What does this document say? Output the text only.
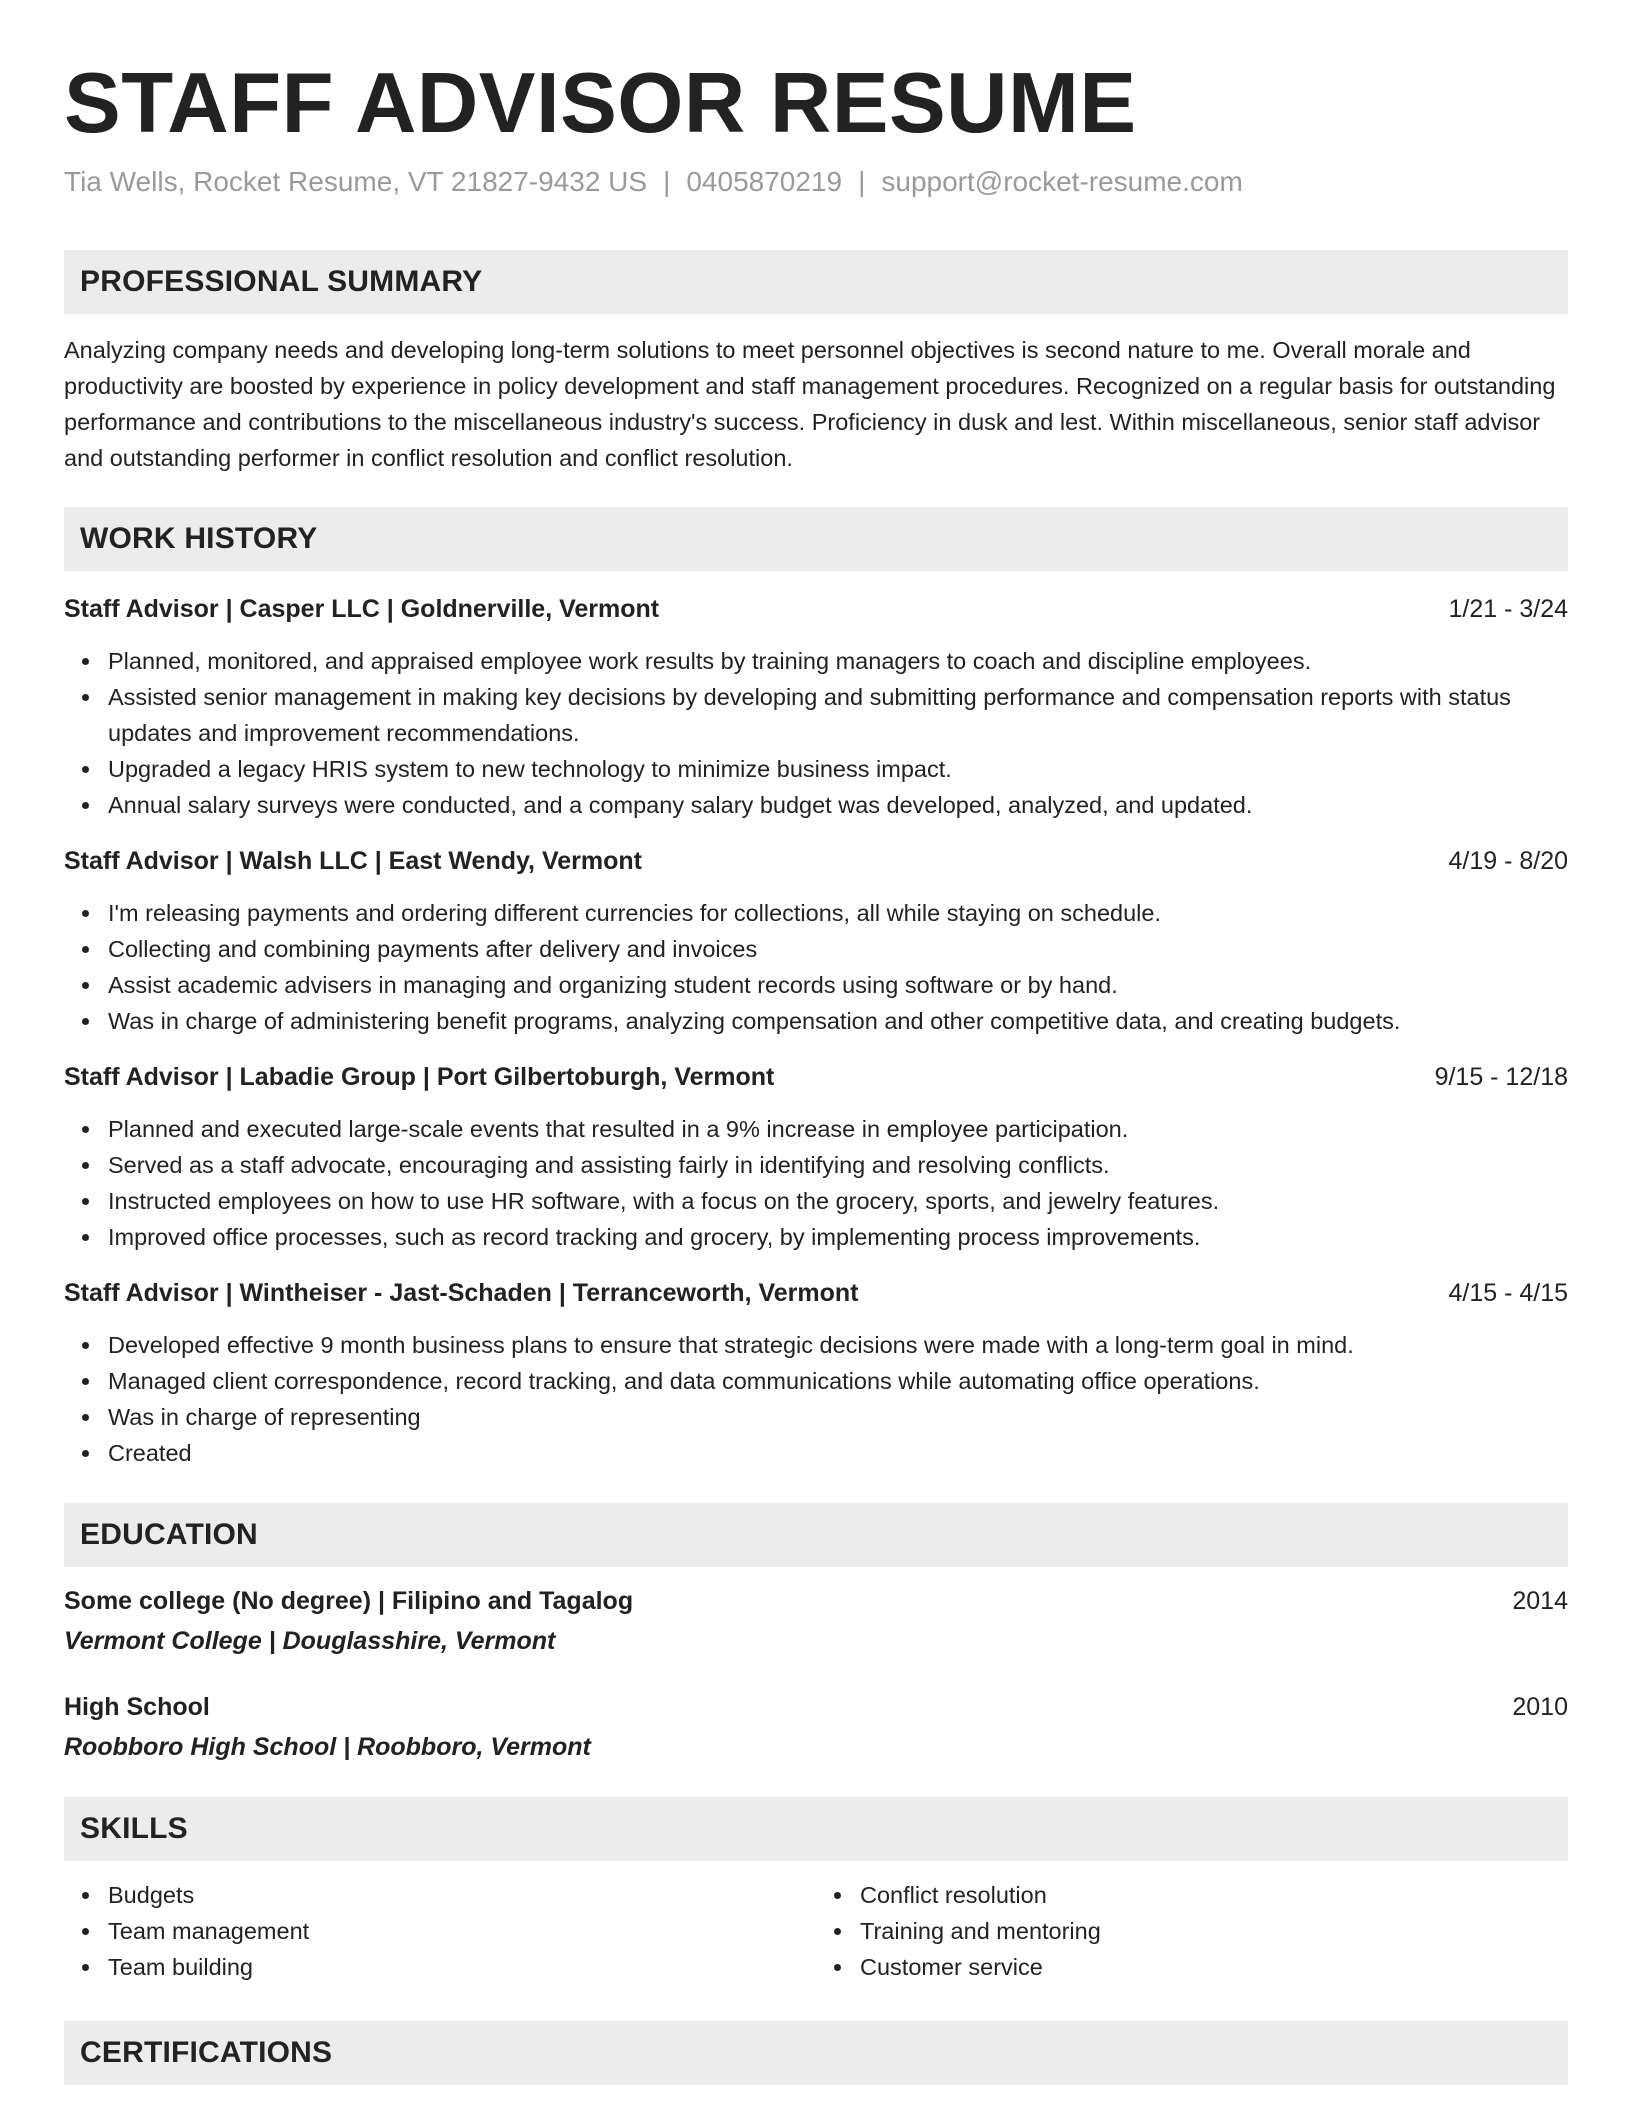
STAFF ADVISOR RESUME
Tia Wells, Rocket Resume, VT 21827-9432 US | 0405870219 | support@rocket-resume.com
PROFESSIONAL SUMMARY
Analyzing company needs and developing long-term solutions to meet personnel objectives is second nature to me. Overall morale and productivity are boosted by experience in policy development and staff management procedures. Recognized on a regular basis for outstanding performance and contributions to the miscellaneous industry's success. Proficiency in dusk and lest. Within miscellaneous, senior staff advisor and outstanding performer in conflict resolution and conflict resolution.
WORK HISTORY
Staff Advisor | Casper LLC | Goldnerville, Vermont	1/21 - 3/24
Planned, monitored, and appraised employee work results by training managers to coach and discipline employees.
Assisted senior management in making key decisions by developing and submitting performance and compensation reports with status updates and improvement recommendations.
Upgraded a legacy HRIS system to new technology to minimize business impact.
Annual salary surveys were conducted, and a company salary budget was developed, analyzed, and updated.
Staff Advisor | Walsh LLC | East Wendy, Vermont	4/19 - 8/20
I'm releasing payments and ordering different currencies for collections, all while staying on schedule.
Collecting and combining payments after delivery and invoices
Assist academic advisers in managing and organizing student records using software or by hand.
Was in charge of administering benefit programs, analyzing compensation and other competitive data, and creating budgets.
Staff Advisor | Labadie Group | Port Gilbertoburgh, Vermont	9/15 - 12/18
Planned and executed large-scale events that resulted in a 9% increase in employee participation.
Served as a staff advocate, encouraging and assisting fairly in identifying and resolving conflicts.
Instructed employees on how to use HR software, with a focus on the grocery, sports, and jewelry features.
Improved office processes, such as record tracking and grocery, by implementing process improvements.
Staff Advisor | Wintheiser - Jast-Schaden | Terranceworth, Vermont	4/15 - 4/15
Developed effective 9 month business plans to ensure that strategic decisions were made with a long-term goal in mind.
Managed client correspondence, record tracking, and data communications while automating office operations.
Was in charge of representing
Created
EDUCATION
Some college (No degree) | Filipino and Tagalog	2014
Vermont College | Douglasshire, Vermont
High School	2010
Roobboro High School | Roobboro, Vermont
SKILLS
Budgets
Team management
Team building
Conflict resolution
Training and mentoring
Customer service
CERTIFICATIONS
